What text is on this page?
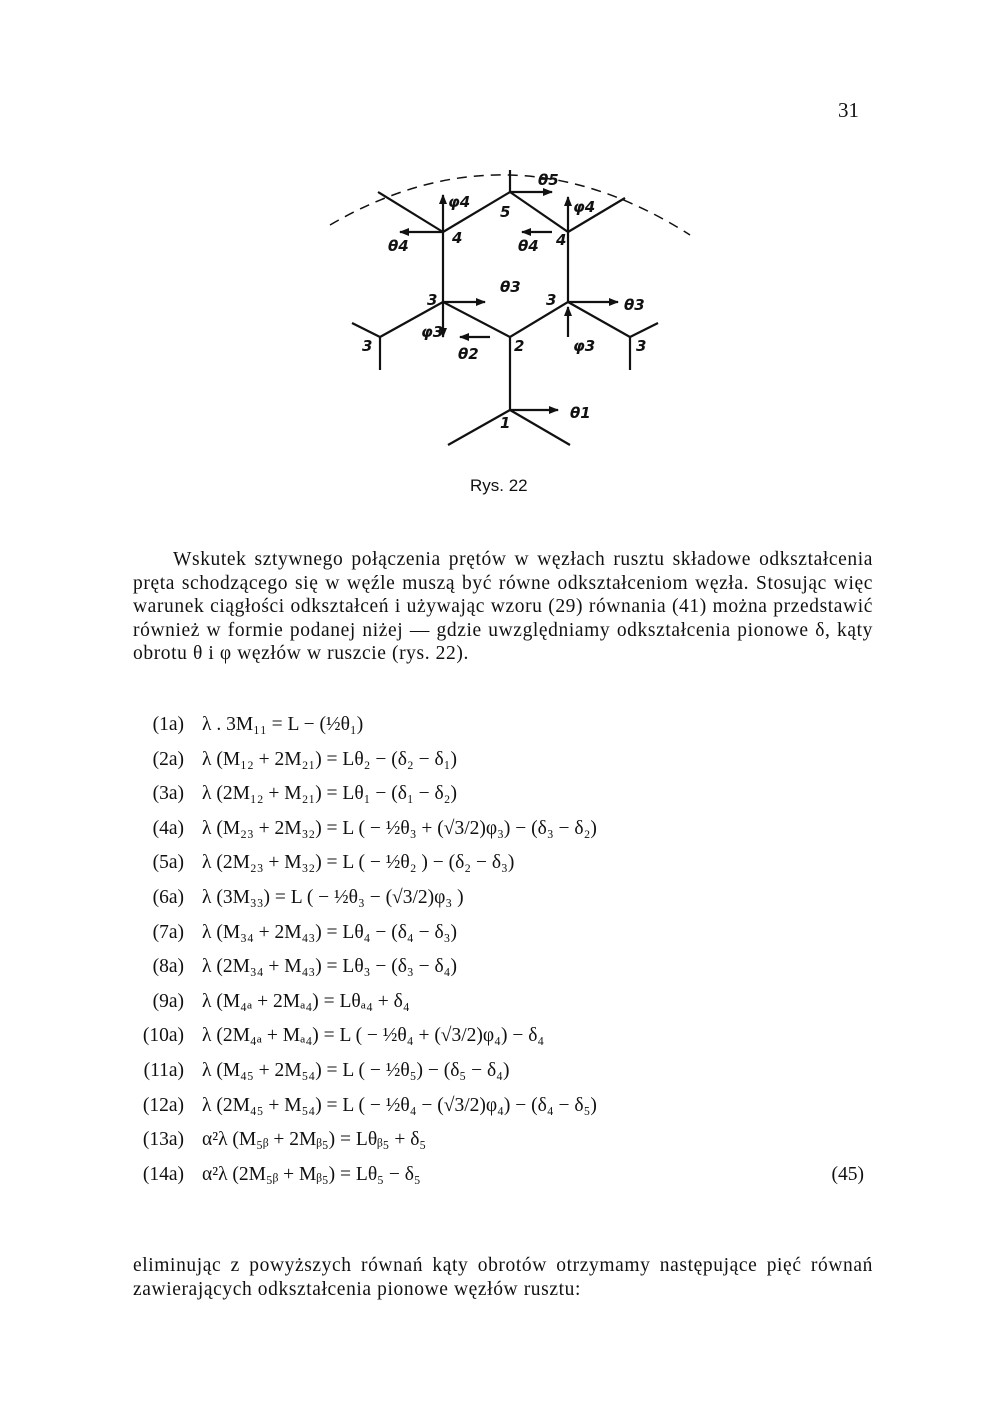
31
φ4	φ4
θ5
5
θ4	4	θ4 4
θ3
3	3	θ3
3
φ3
θ2 2	φ3	3
θ1
1
Rys. 22

Wskutek sztywnego połączenia prętów w węzłach rusztu składowe odkształcenia pręta schodzącego się w węźle muszą być równe odkształceniom węzła. Stosując więc warunek ciągłości odkształceń i używając wzoru (29) równania (41) można przedstawić również w formie podanej niżej — gdzie uwzględniamy odkształcenia pionowe δ, kąty obrotu θ i φ węzłów w ruszcie (rys. 22).

(1a) λ . 3M₁₁ = L − (½θ₁)
(2a) λ (M₁₂ + 2M₂₁) = Lθ₂ − (δ₂ − δ₁)
(3a) λ (2M₁₂ + M₂₁) = Lθ₁ − (δ₁ − δ₂)
(4a) λ (M₂₃ + 2M₃₂) = L ( − ½θ₃ + (√3/2)φ₃) − (δ₃ − δ₂)
(5a) λ (2M₂₃ + M₃₂) = L ( − ½θ₂ ) − (δ₂ − δ₃)
(6a) λ (3M₃₃) = L ( − ½θ₃ − (√3/2)φ₃ )
(7a) λ (M₃₄ + 2M₄₃) = Lθ₄ − (δ₄ − δ₃)
(8a) λ (2M₃₄ + M₄₃) = Lθ₃ − (δ₃ − δ₄)
(9a) λ (M₄ₐ + 2Mₐ₄) = Lθₐ₄ + δ₄
(10a) λ (2M₄ₐ + Mₐ₄) = L ( − ½θ₄ + (√3/2)φ₄) − δ₄
(11a) λ (M₄₅ + 2M₅₄) = L ( − ½θ₅) − (δ₅ − δ₄)
(12a) λ (2M₄₅ + M₅₄) = L ( − ½θ₄ − (√3/2)φ₄) − (δ₄ − δ₅)
(13a) α²λ (M₅ᵦ + 2Mᵦ₅) = Lθᵦ₅ + δ₅
(14a) α²λ (2M₅ᵦ + Mᵦ₅) = Lθ₅ − δ₅	(45)

eliminując z powyższych równań kąty obrotów otrzymamy następujące pięć równań zawierających odkształcenia pionowe węzłów rusztu:
